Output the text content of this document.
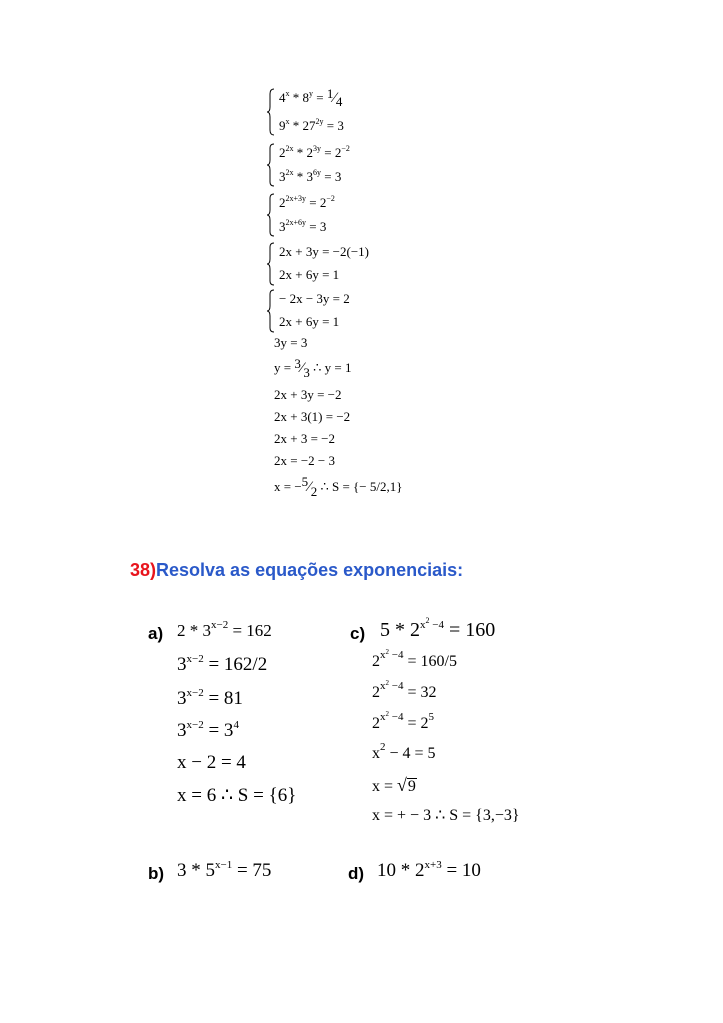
$4^x * 8^y$ = 1⁄4
$9^x * 27^{2y} = 3$
$2^{2x} * 2^{3y} = 2^{-2}$
$3^{2x} * 3^{6y} = 3$
$2^{2x+3y} = 2^{-2}$
$3^{2x+6y} = 3$
2x + 3y = −2(−1)
2x + 6y = 1
− 2x − 3y = 2
2x + 6y = 1
3y = 3
y = 3⁄3 ∴ y = 1
2x + 3y = −2
2x + 3(1) = −2
2x + 3 = −2
2x = −2 − 3
x = −5⁄2 ∴ S = {− 5/2,1}
38)Resolva as equações exponenciais:
a) $2 * 3^{x-2} = 162$
$3^{x-2} = 162/2$
$3^{x-2} = 81$
$3^{x-2} = 3^4$
x − 2 = 4
x = 6 ∴ S = {6}
c) $5 * 2^{x^2 -4} = 160$
$2^{x^2 -4} = 160/5$
$2^{x^2 -4} = 32$
$2^{x^2 -4} = 2^5$
$x^2 - 4 = 5$
x = √9
x = + − 3 ∴ S = {3,−3}
b) $3 * 5^{x-1} = 75$	d) $10 * 2^{x+3} = 10$
